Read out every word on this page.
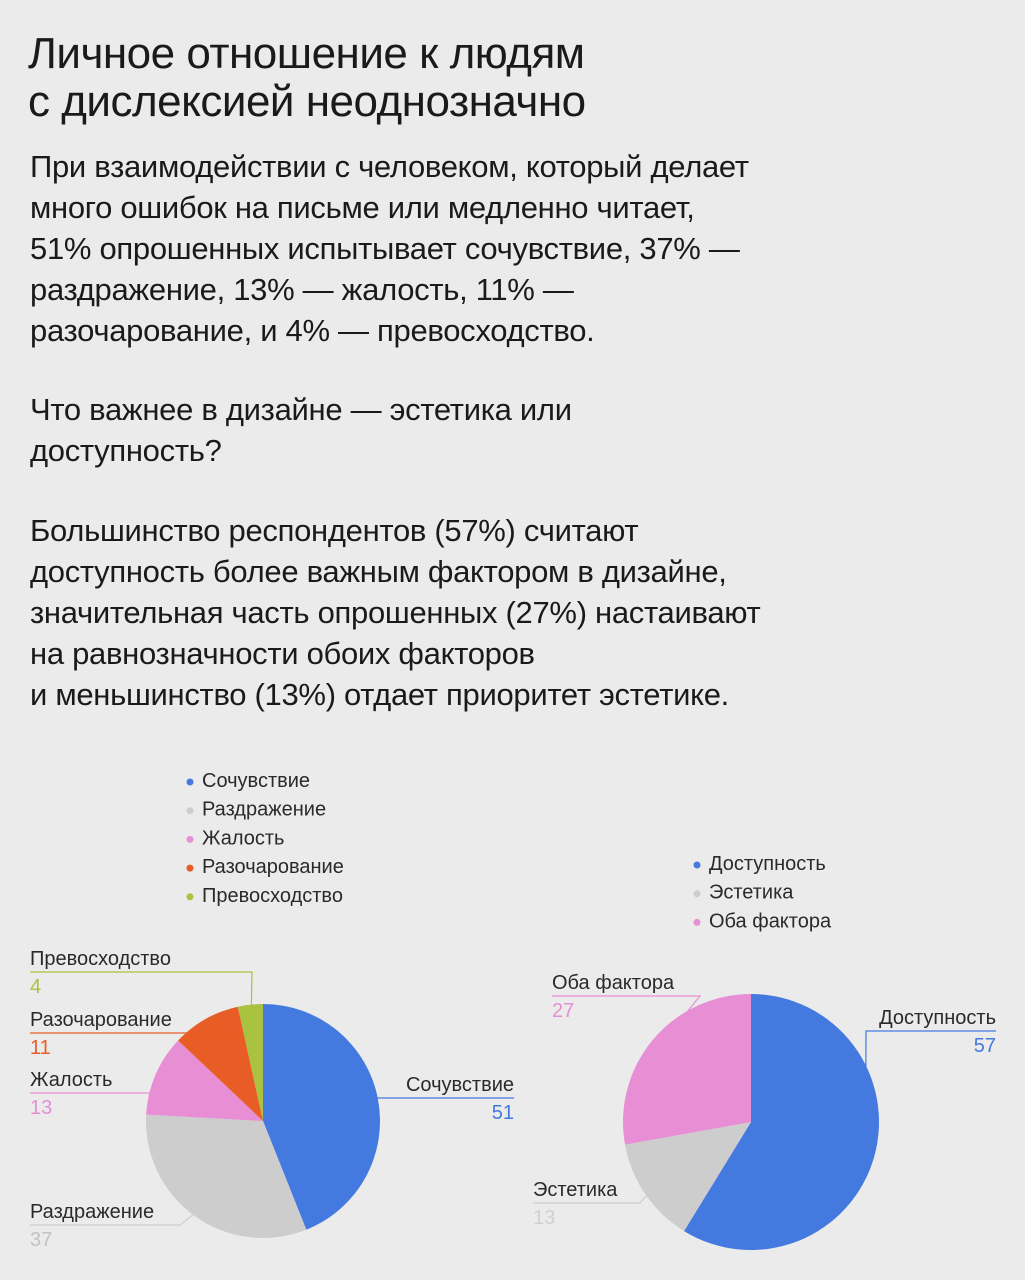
Личное отношение к людям
с дислексией неоднозначно
При взаимодействии с человеком, который делает
много ошибок на письме или медленно читает,
51% опрошенных испытывает сочувствие, 37% —
раздражение, 13% — жалость, 11% —
разочарование, и 4% — превосходство.
Что важнее в дизайне — эстетика или
доступность?
Большинство респондентов (57%) считают
доступность более важным фактором в дизайне,
значительная часть опрошенных (27%) настаивают
на равнозначности обоих факторов
и меньшинство (13%) отдает приоритет эстетике.
Сочувствие
Раздражение
Жалость
Разочарование
Превосходство
Сочувствие
51
Раздражение
37
Жалость
13
Разочарование
11
Превосходство
4
Доступность
Эстетика
Оба фактора
Доступность
57
Эстетика
13
Оба фактора
27
